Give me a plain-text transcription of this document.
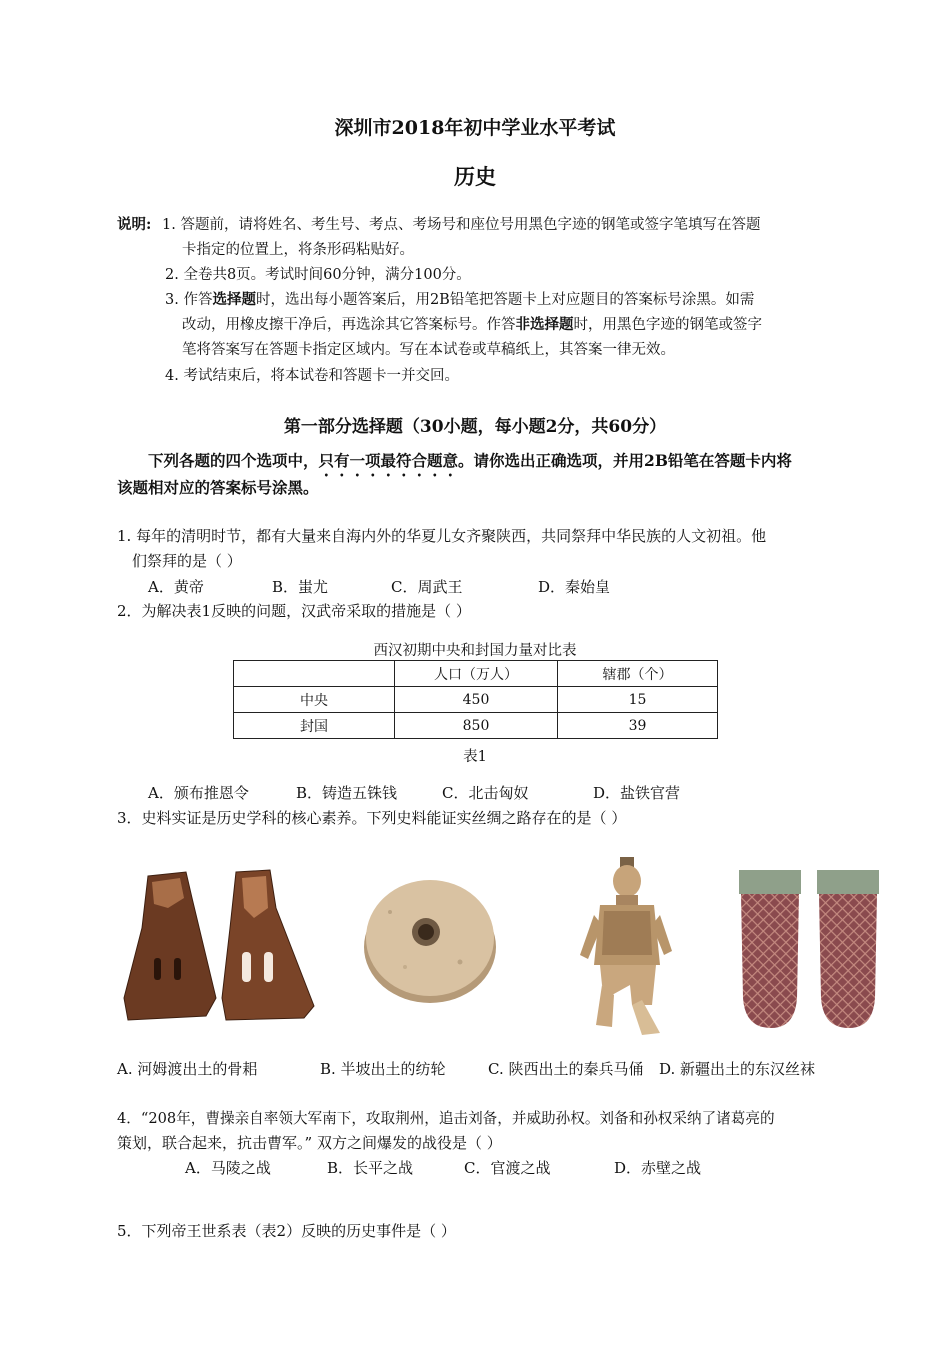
深圳市2018年初中学业水平考试
历史
说明: 1. 答题前，请将姓名、考生号、考点、考场号和座位号用黑色字迹的钢笔或签字笔填写在答题
卡指定的位置上，将条形码粘贴好。
2. 全卷共8页。考试时间60分钟，满分100分。
3. 作答选择题时，选出每小题答案后，用2B铅笔把答题卡上对应题目的答案标号涂黑。如需
改动，用橡皮擦干净后，再选涂其它答案标号。作答非选择题时，用黑色字迹的钢笔或签字
笔将答案写在答题卡指定区域内。写在本试卷或草稿纸上，其答案一律无效。
4. 考试结束后，将本试卷和答题卡一并交回。
第一部分选择题（30小题，每小题2分，共60分）
下列各题的四个选项中，只有一项最符合题意。请你选出正确选项，并用2B铅笔在答题卡内将
该题相对应的答案标号涂黑。
1. 每年的清明时节，都有大量来自海内外的华夏儿女齐聚陕西，共同祭拜中华民族的人文初祖。他
们祭拜的是（ ）
A．黄帝	B．蚩尤	C．周武王	D．秦始皇
2．为解决表1反映的问题，汉武帝采取的措施是（ ）
西汉初期中央和封国力量对比表
	人口（万人）	辖郡（个）
中央	450	15
封国	850	39
表1
A．颁布推恩令	B．铸造五铢钱	C．北击匈奴	D．盐铁官营
3．史料实证是历史学科的核心素养。下列史料能证实丝绸之路存在的是（ ）
A. 河姆渡出土的骨耜	B. 半坡出土的纺轮	C. 陕西出土的秦兵马俑 D. 新疆出土的东汉丝袜
4．“208年，曹操亲自率领大军南下，攻取荆州，追击刘备，并威助孙权。刘备和孙权采纳了诸葛亮的
策划，联合起来，抗击曹军。” 双方之间爆发的战役是（ ）
A．马陵之战	B．长平之战	C．官渡之战	D．赤壁之战
5．下列帝王世系表（表2）反映的历史事件是（ ）
